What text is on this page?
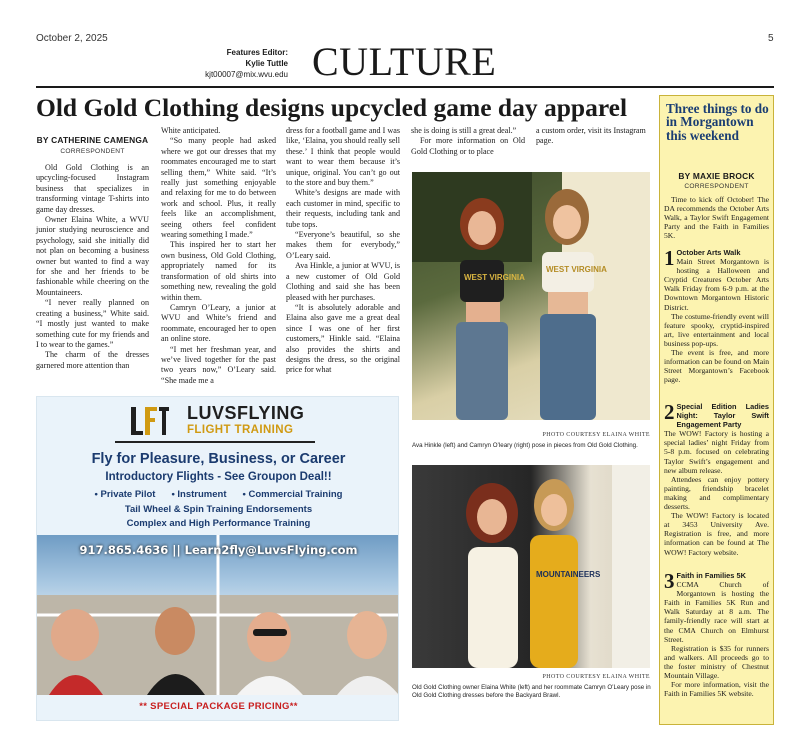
October 2, 2025	5
Features Editor:
Kylie Tuttle
kjt00007@mix.wvu.edu CULTURE
Old Gold Clothing designs upcycled game day apparel
BY CATHERINE CAMENGA
CORRESPONDENT

Old Gold Clothing is an upcycling-focused Instagram business that specializes in transforming vintage T-shirts into game day dresses.

Owner Elaina White, a WVU junior studying neuroscience and psychology, said she initially did not plan on becoming a business owner but wanted to find a way for she and her friends to be fashionable while cheering on the Mountaineers.

“I never really planned on creating a business,” White said. “I mostly just wanted to make something cute for my friends and I to wear to the games.”

The charm of the dresses garnered more attention than

White anticipated.

“So many people had asked where we got our dresses that my roommates encouraged me to start selling them,” White said. “It’s really just something enjoyable and relaxing for me to do between work and school. Plus, it really feels like an accomplishment, seeing others feel confident wearing something I made.”

This inspired her to start her own business, Old Gold Clothing, appropriately named for its transformation of old shirts into something new, revealing the gold within them.

Camryn O’Leary, a junior at WVU and White’s friend and roommate, encouraged her to open an online store.

“I met her freshman year, and we’ve lived together for the past two years now,” O’Leary said. “She made me a

dress for a football game and I was like, ‘Elaina, you should really sell these.’ I think that people would want to wear them because it’s unique, original. You can’t go out to the store and buy them.”

White’s designs are made with each customer in mind, specific to their requests, including tank and tube tops.

“Everyone’s beautiful, so she makes them for everybody,” O’Leary said.

Ava Hinkle, a junior at WVU, is a new customer of Old Gold Clothing and said she has been pleased with her purchases.

“It is absolutely adorable and Elaina also gave me a great deal since I was one of her first customers,” Hinkle said. “Elaina also provides the shirts and designs the dress, so the original price for what

she is doing is still a great deal.”

For more information on Old Gold Clothing or to place

a custom order, visit its Instagram page.
WEST VIRGINIA
WEST VIRGINIA
PHOTO COURTESY ELAINA WHITE
Ava Hinkle (left) and Camryn O’leary (right) pose in pieces from Old Gold Clothing.
MOUNTAINEERS
PHOTO COURTESY ELAINA WHITE
Old Gold Clothing owner Elaina White (left) and her roommate Camryn O’Leary pose in Old Gold Clothing dresses before the Backyard Brawl.
LUVSFLYING
FLIGHT TRAINING
Fly for Pleasure, Business, or Career
Introductory Flights - See Groupon Deal!!
• Private Pilot • Instrument • Commercial Training
Tail Wheel & Spin Training Endorsements
Complex and High Performance Training
917.865.4636 || Learn2fly@LuvsFlying.com
** SPECIAL PACKAGE PRICING**
Three things to do in Morgantown this weekend
BY MAXIE BROCK
CORRESPONDENT

Time to kick off October! The DA recommends the October Arts Walk, a Taylor Swift Engagement Party and the Faith in Families 5K.

1 October Arts Walk
Main Street Morgantown is hosting a Halloween and Cryptid Creatures October Arts Walk Friday from 6-9 p.m. at the Downtown Morgantown Historic District.

The costume-friendly event will feature spooky, cryptid-inspired art, live entertainment and local business pop-ups.

The event is free, and more information can be found on Main Street Morgantown’s Facebook page.

2 Special Edition Ladies Night: Taylor Swift Engagement Party
The WOW! Factory is hosting a special ladies’ night Friday from 5-8 p.m. focused on celebrating Taylor Swift’s engagement and new album release.

Attendees can enjoy pottery painting, friendship bracelet making and complimentary desserts.

The WOW! Factory is located at 3453 University Ave. Registration is free, and more information can be found at The WOW! Factory website.

3 Faith in Families 5K
CCMA Church of Morgantown is hosting the Faith in Families 5K Run and Walk Saturday at 8 a.m. The family-friendly race will start at the CMA Church on Elmhurst Street.

Registration is $35 for runners and walkers. All proceeds go to the foster ministry of Chestnut Mountain Village.

For more information, visit the Faith in Families 5K website.
